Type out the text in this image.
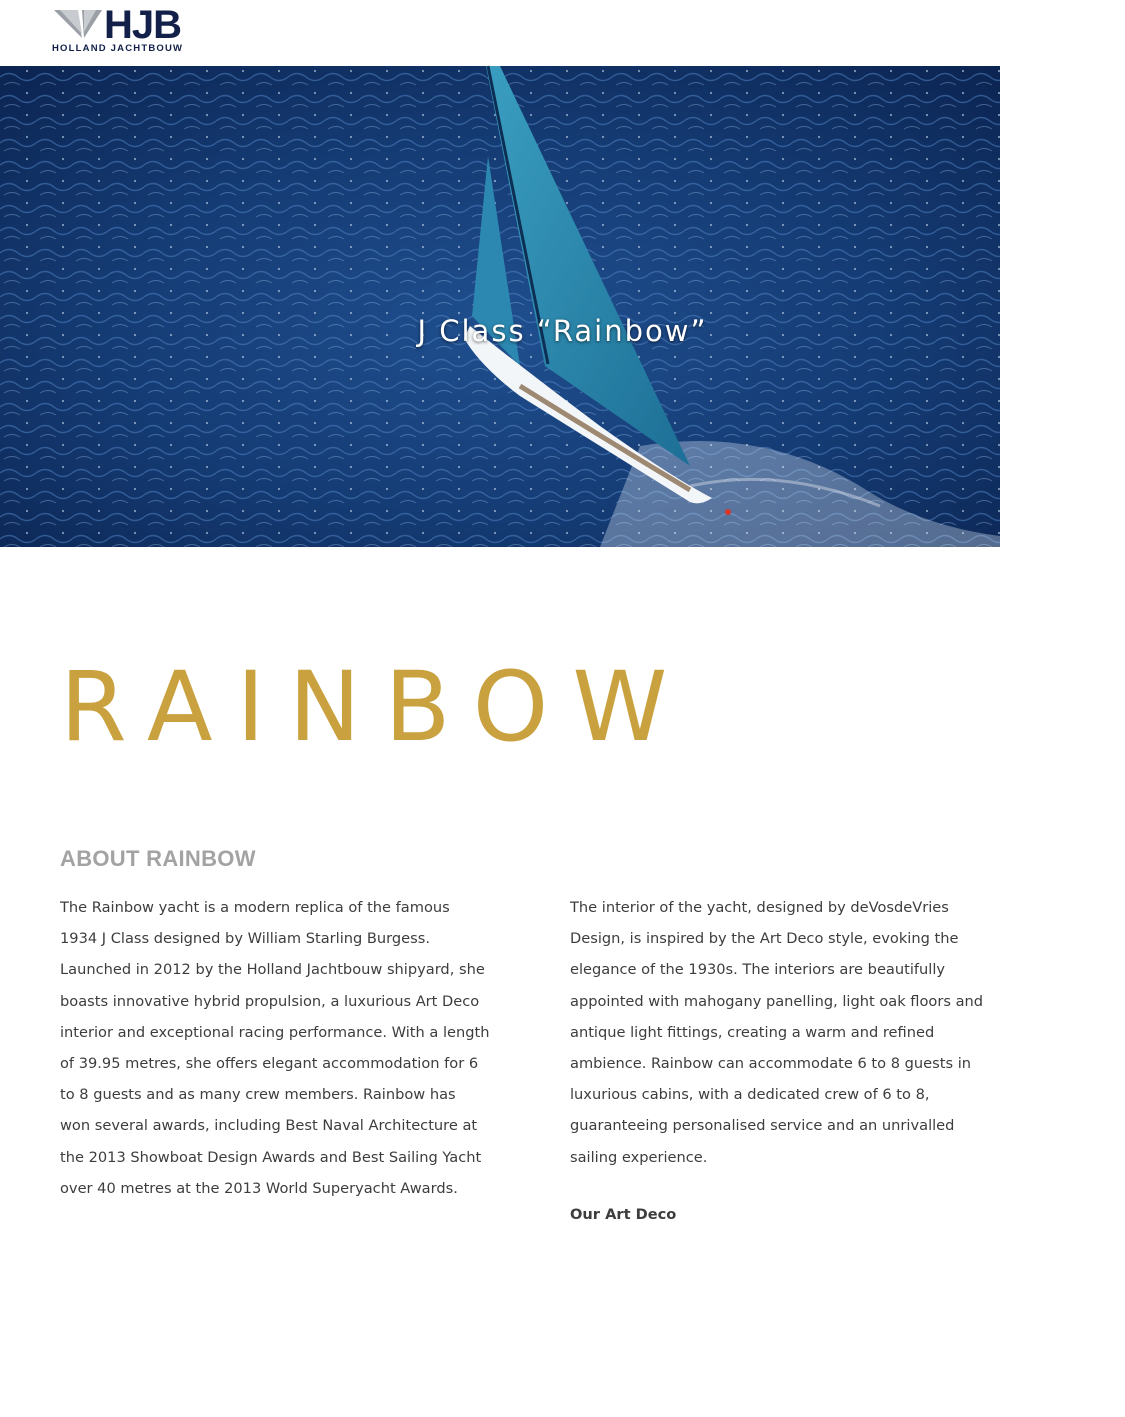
HJB
HOLLAND JACHTBOUW
J Class “Rainbow”
RAINBOW
ABOUT RAINBOW

The Rainbow yacht is a modern replica of the famous 1934 J Class designed by William Starling Burgess. Launched in 2012 by the Holland Jachtbouw shipyard, she boasts innovative hybrid propulsion, a luxurious Art Deco interior and exceptional racing performance. With a length of 39.95 metres, she offers elegant accommodation for 6 to 8 guests and as many crew members. Rainbow has won several awards, including Best Naval Architecture at the 2013 Showboat Design Awards and Best Sailing Yacht over 40 metres at the 2013 World Superyacht Awards.

The interior of the yacht, designed by deVosdeVries Design, is inspired by the Art Deco style, evoking the elegance of the 1930s. The interiors are beautifully appointed with mahogany panelling, light oak floors and antique light fittings, creating a warm and refined ambience. Rainbow can accommodate 6 to 8 guests in luxurious cabins, with a dedicated crew of 6 to 8, guaranteeing personalised service and an unrivalled sailing experience.

Our Art Deco
